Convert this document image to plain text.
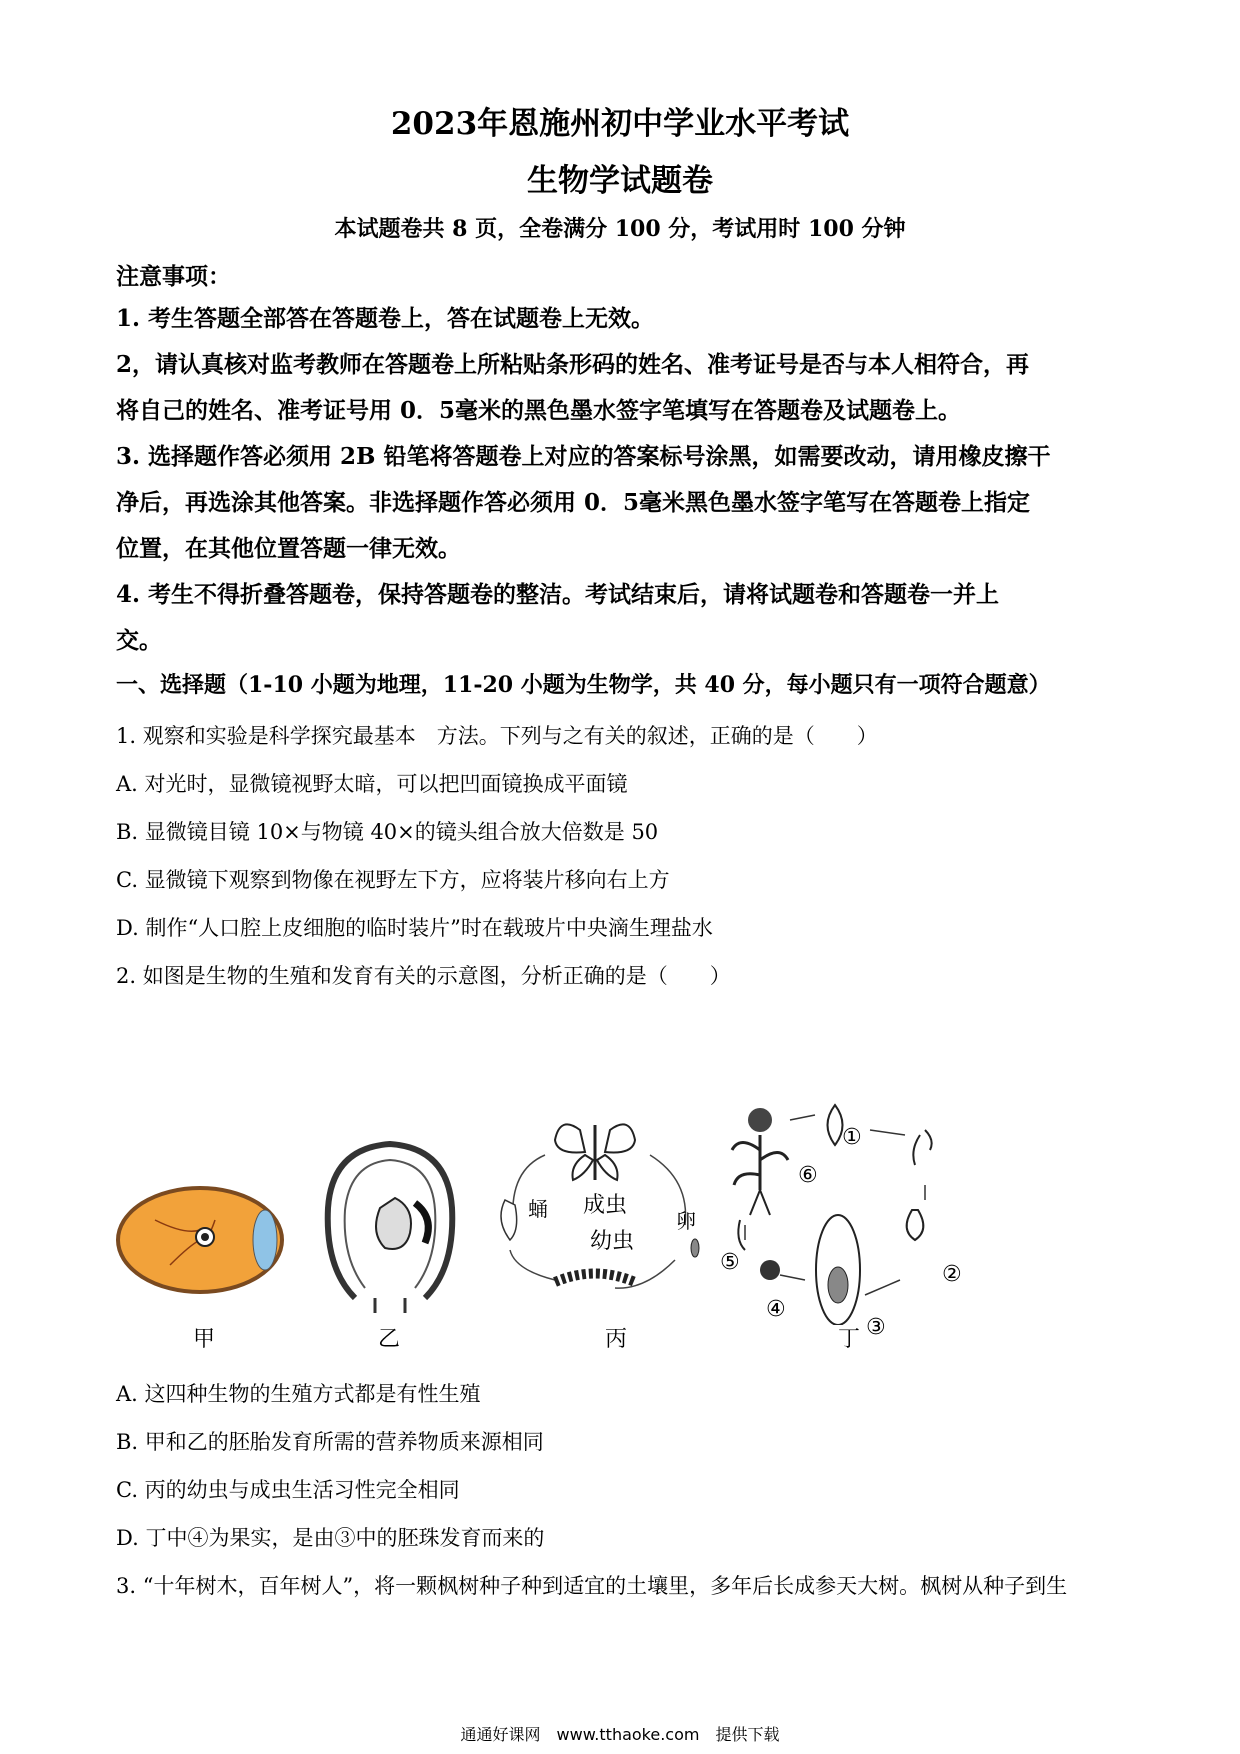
2023年恩施州初中学业水平考试
生物学试题卷
本试题卷共 8 页，全卷满分 100 分，考试用时 100 分钟
注意事项：
1. 考生答题全部答在答题卷上，答在试题卷上无效。
2，请认真核对监考教师在答题卷上所粘贴条形码的姓名、准考证号是否与本人相符合，再
将自己的姓名、准考证号用 0．5毫米的黑色墨水签字笔填写在答题卷及试题卷上。
3. 选择题作答必须用 2B 铅笔将答题卷上对应的答案标号涂黑，如需要改动，请用橡皮擦干
净后，再选涂其他答案。非选择题作答必须用 0．5毫米黑色墨水签字笔写在答题卷上指定
位置，在其他位置答题一律无效。
4. 考生不得折叠答题卷，保持答题卷的整洁。考试结束后，请将试题卷和答题卷一并上
交。
一、选择题（1-10 小题为地理，11-20 小题为生物学，共 40 分，每小题只有一项符合题意）
1. 观察和实验是科学探究最基本　方法。下列与之有关的叙述，正确的是（　　）
A. 对光时，显微镜视野太暗，可以把凹面镜换成平面镜
B. 显微镜目镜 10×与物镜 40×的镜头组合放大倍数是 50
C. 显微镜下观察到物像在视野左下方，应将装片移向右上方
D. 制作“人口腔上皮细胞的临时装片”时在载玻片中央滴生理盐水
2. 如图是生物的生殖和发育有关的示意图，分析正确的是（　　）
成虫
幼虫
蛹	卵
⑥
①
②
③
④
⑤
甲	乙	丙	丁
A. 这四种生物的生殖方式都是有性生殖
B. 甲和乙的胚胎发育所需的营养物质来源相同
C. 丙的幼虫与成虫生活习性完全相同
D. 丁中④为果实，是由③中的胚珠发育而来的
3. “十年树木，百年树人”，将一颗枫树种子种到适宜的土壤里，多年后长成参天大树。枫树从种子到生
通通好课网　www.tthaoke.com　提供下载
